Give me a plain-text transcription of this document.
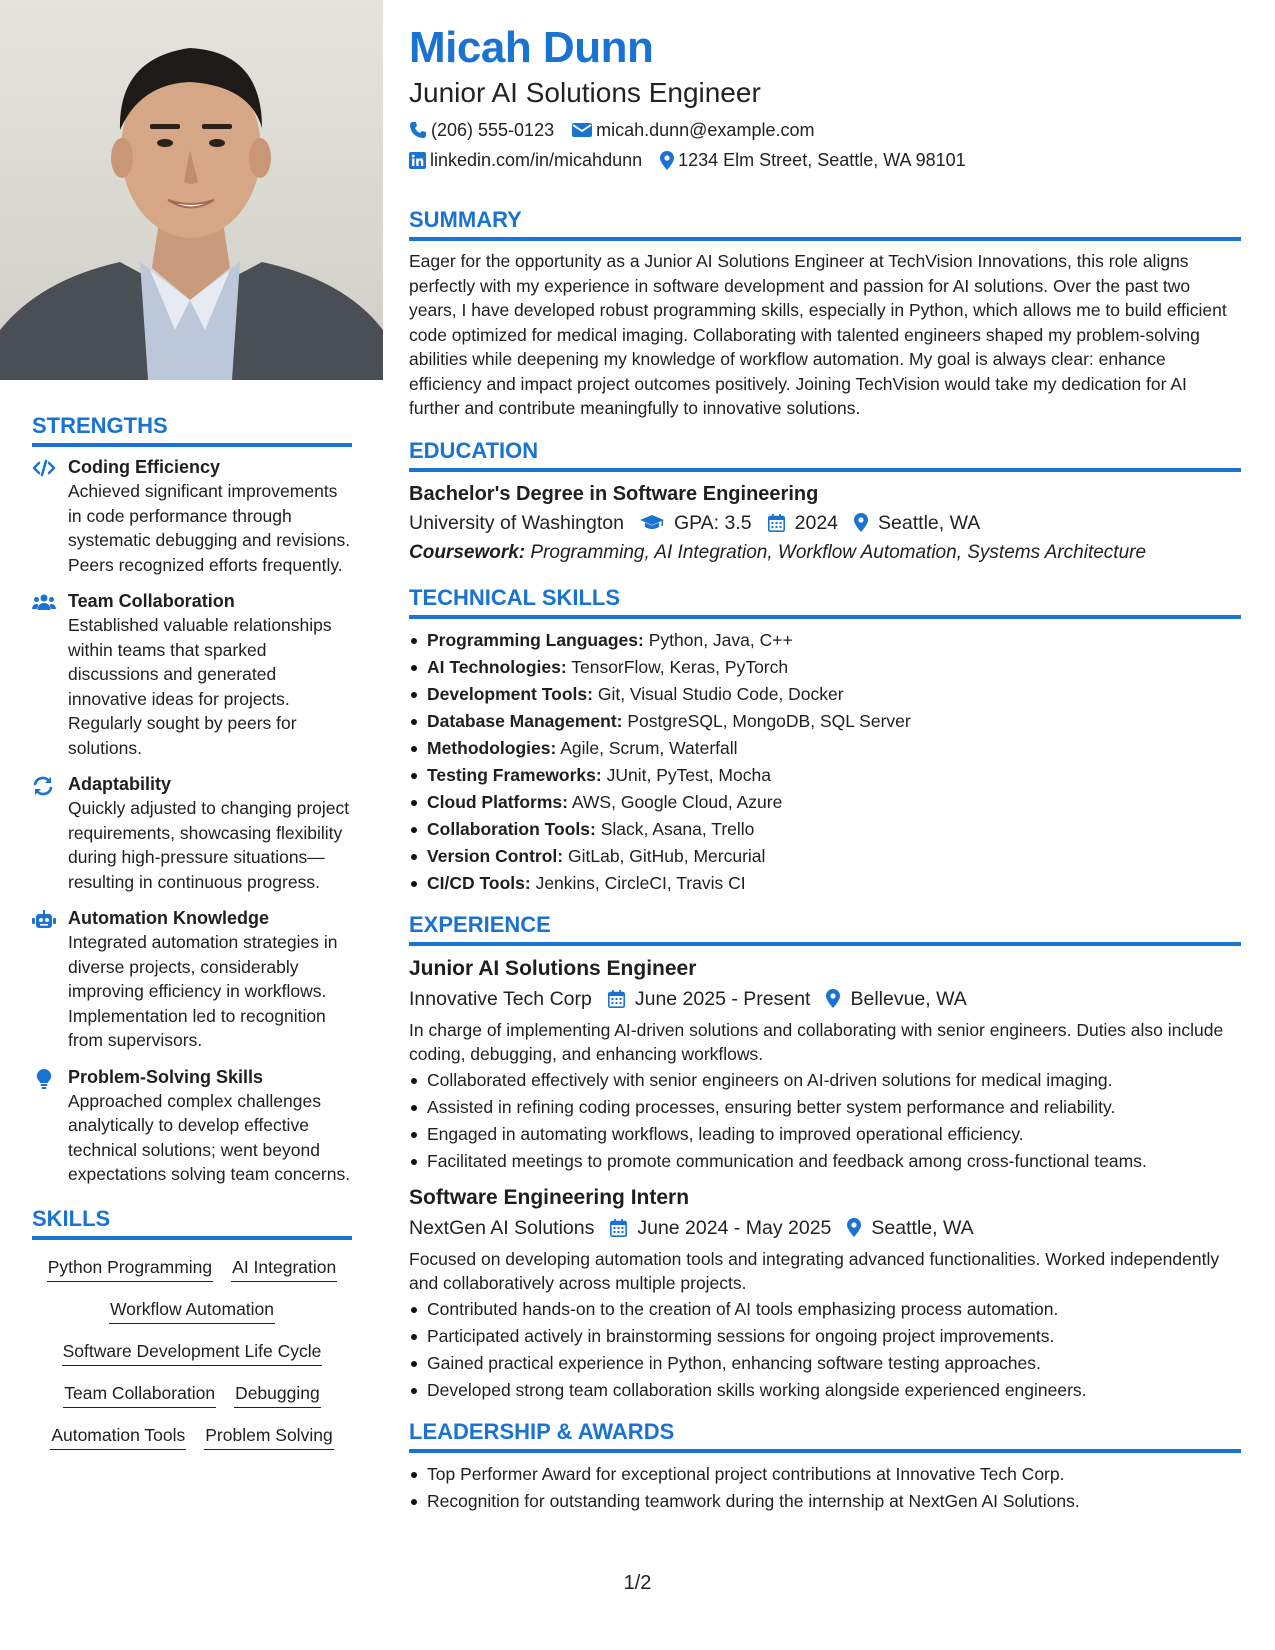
STRENGTHS
Coding Efficiency
Achieved significant improvements in code performance through systematic debugging and revisions. Peers recognized efforts frequently.
Team Collaboration
Established valuable relationships within teams that sparked discussions and generated innovative ideas for projects. Regularly sought by peers for solutions.
Adaptability
Quickly adjusted to changing project requirements, showcasing flexibility during high-pressure situations—resulting in continuous progress.
Automation Knowledge
Integrated automation strategies in diverse projects, considerably improving efficiency in workflows. Implementation led to recognition from supervisors.
Problem-Solving Skills
Approached complex challenges analytically to develop effective technical solutions; went beyond expectations solving team concerns.
SKILLS
Python Programming AI Integration
Workflow Automation
Software Development Life Cycle
Team Collaboration Debugging
Automation Tools Problem Solving
Micah Dunn
Junior AI Solutions Engineer
(206) 555-0123 micah.dunn@example.com
linkedin.com/in/micahdunn 1234 Elm Street, Seattle, WA 98101
SUMMARY
Eager for the opportunity as a Junior AI Solutions Engineer at TechVision Innovations, this role aligns perfectly with my experience in software development and passion for AI solutions. Over the past two years, I have developed robust programming skills, especially in Python, which allows me to build efficient code optimized for medical imaging. Collaborating with talented engineers shaped my problem-solving abilities while deepening my knowledge of workflow automation. My goal is always clear: enhance efficiency and impact project outcomes positively. Joining TechVision would take my dedication for AI further and contribute meaningfully to innovative solutions.
EDUCATION
Bachelor's Degree in Software Engineering
University of Washington	GPA: 3.5 2024 Seattle, WA
Coursework: Programming, AI Integration, Workflow Automation, Systems Architecture
TECHNICAL SKILLS
Programming Languages: Python, Java, C++
AI Technologies: TensorFlow, Keras, PyTorch
Development Tools: Git, Visual Studio Code, Docker
Database Management: PostgreSQL, MongoDB, SQL Server
Methodologies: Agile, Scrum, Waterfall
Testing Frameworks: JUnit, PyTest, Mocha
Cloud Platforms: AWS, Google Cloud, Azure
Collaboration Tools: Slack, Asana, Trello
Version Control: GitLab, GitHub, Mercurial
CI/CD Tools: Jenkins, CircleCI, Travis CI
EXPERIENCE
Junior AI Solutions Engineer
Innovative Tech Corp June 2025 - Present Bellevue, WA
In charge of implementing AI-driven solutions and collaborating with senior engineers. Duties also include coding, debugging, and enhancing workflows.
Collaborated effectively with senior engineers on AI-driven solutions for medical imaging.
Assisted in refining coding processes, ensuring better system performance and reliability.
Engaged in automating workflows, leading to improved operational efficiency.
Facilitated meetings to promote communication and feedback among cross-functional teams.
Software Engineering Intern
NextGen AI Solutions June 2024 - May 2025 Seattle, WA
Focused on developing automation tools and integrating advanced functionalities. Worked independently and collaboratively across multiple projects.
Contributed hands-on to the creation of AI tools emphasizing process automation.
Participated actively in brainstorming sessions for ongoing project improvements.
Gained practical experience in Python, enhancing software testing approaches.
Developed strong team collaboration skills working alongside experienced engineers.
LEADERSHIP & AWARDS
Top Performer Award for exceptional project contributions at Innovative Tech Corp.
Recognition for outstanding teamwork during the internship at NextGen AI Solutions.
1/2
